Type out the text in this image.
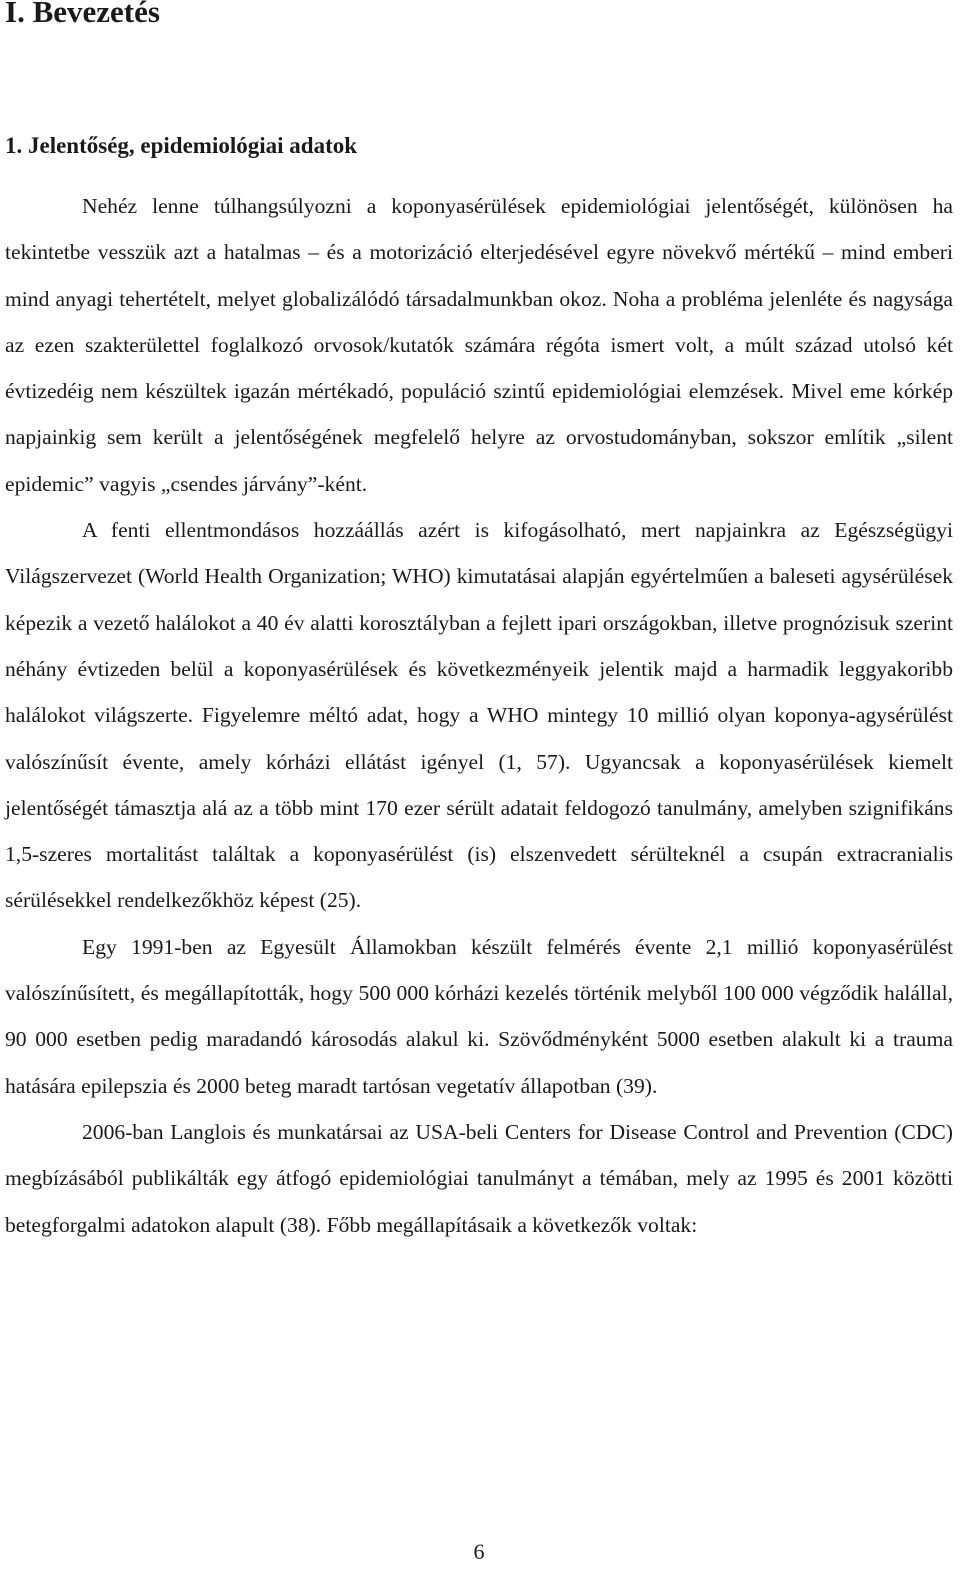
I. Bevezetés
1. Jelentőség, epidemiológiai adatok

Nehéz lenne túlhangsúlyozni a koponyasérülések epidemiológiai jelentőségét, különösen ha tekintetbe vesszük azt a hatalmas – és a motorizáció elterjedésével egyre növekvő mértékű – mind emberi mind anyagi tehertételt, melyet globalizálódó társadalmunkban okoz. Noha a probléma jelenléte és nagysága az ezen szakterülettel foglalkozó orvosok/kutatók számára régóta ismert volt, a múlt század utolsó két évtizedéig nem készültek igazán mértékadó, populáció szintű epidemiológiai elemzések. Mivel eme kórkép napjainkig sem került a jelentőségének megfelelő helyre az orvostudományban, sokszor említik „silent epidemic” vagyis „csendes járvány”-ként.

A fenti ellentmondásos hozzáállás azért is kifogásolható, mert napjainkra az Egészségügyi Világszervezet (World Health Organization; WHO) kimutatásai alapján egyértelműen a baleseti agysérülések képezik a vezető halálokot a 40 év alatti korosztályban a fejlett ipari országokban, illetve prognózisuk szerint néhány évtizeden belül a koponyasérülések és következményeik jelentik majd a harmadik leggyakoribb halálokot világszerte. Figyelemre méltó adat, hogy a WHO mintegy 10 millió olyan koponya-agysérülést valószínűsít évente, amely kórházi ellátást igényel (1, 57). Ugyancsak a koponyasérülések kiemelt jelentőségét támasztja alá az a több mint 170 ezer sérült adatait feldogozó tanulmány, amelyben szignifikáns 1,5-szeres mortalitást találtak a koponyasérülést (is) elszenvedett sérülteknél a csupán extracranialis sérülésekkel rendelkezőkhöz képest (25).

Egy 1991-ben az Egyesült Államokban készült felmérés évente 2,1 millió koponyasérülést valószínűsített, és megállapították, hogy 500 000 kórházi kezelés történik melyből 100 000 végződik halállal, 90 000 esetben pedig maradandó károsodás alakul ki. Szövődményként 5000 esetben alakult ki a trauma hatására epilepszia és 2000 beteg maradt tartósan vegetatív állapotban (39).

2006-ban Langlois és munkatársai az USA-beli Centers for Disease Control and Prevention (CDC) megbízásából publikálták egy átfogó epidemiológiai tanulmányt a témában, mely az 1995 és 2001 közötti betegforgalmi adatokon alapult (38). Főbb megállapításaik a következők voltak:

6
